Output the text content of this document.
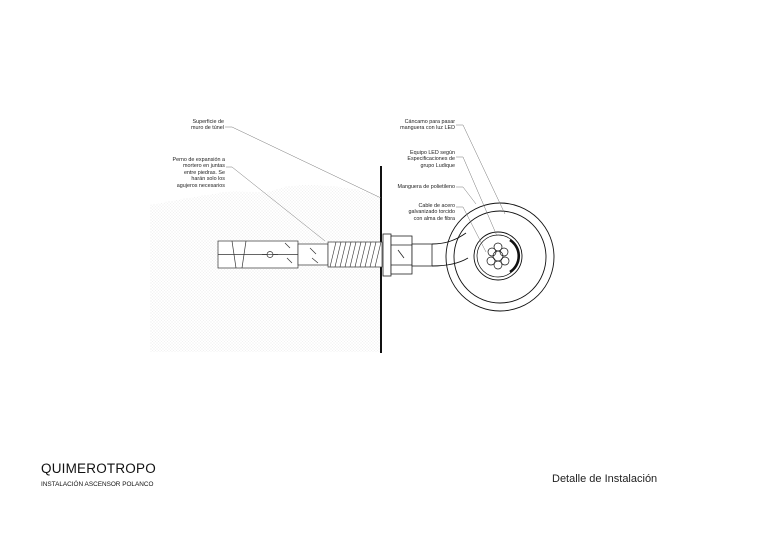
Superficie de
muro de túnel
Perno de expansión a
mortero en juntas
entre piedras. Se
harán solo los
agujeros necesarios
Cáncamo para pasar
manguera con luz LED
Equipo LED según
Especificaciones de
grupo Ludique
Manguera de polietileno
Cable de acero
galvanizado torcido
con alma de fibra
QUIMEROTROPO
INSTALACIÓN ASCENSOR POLANCO	Detalle de Instalación
